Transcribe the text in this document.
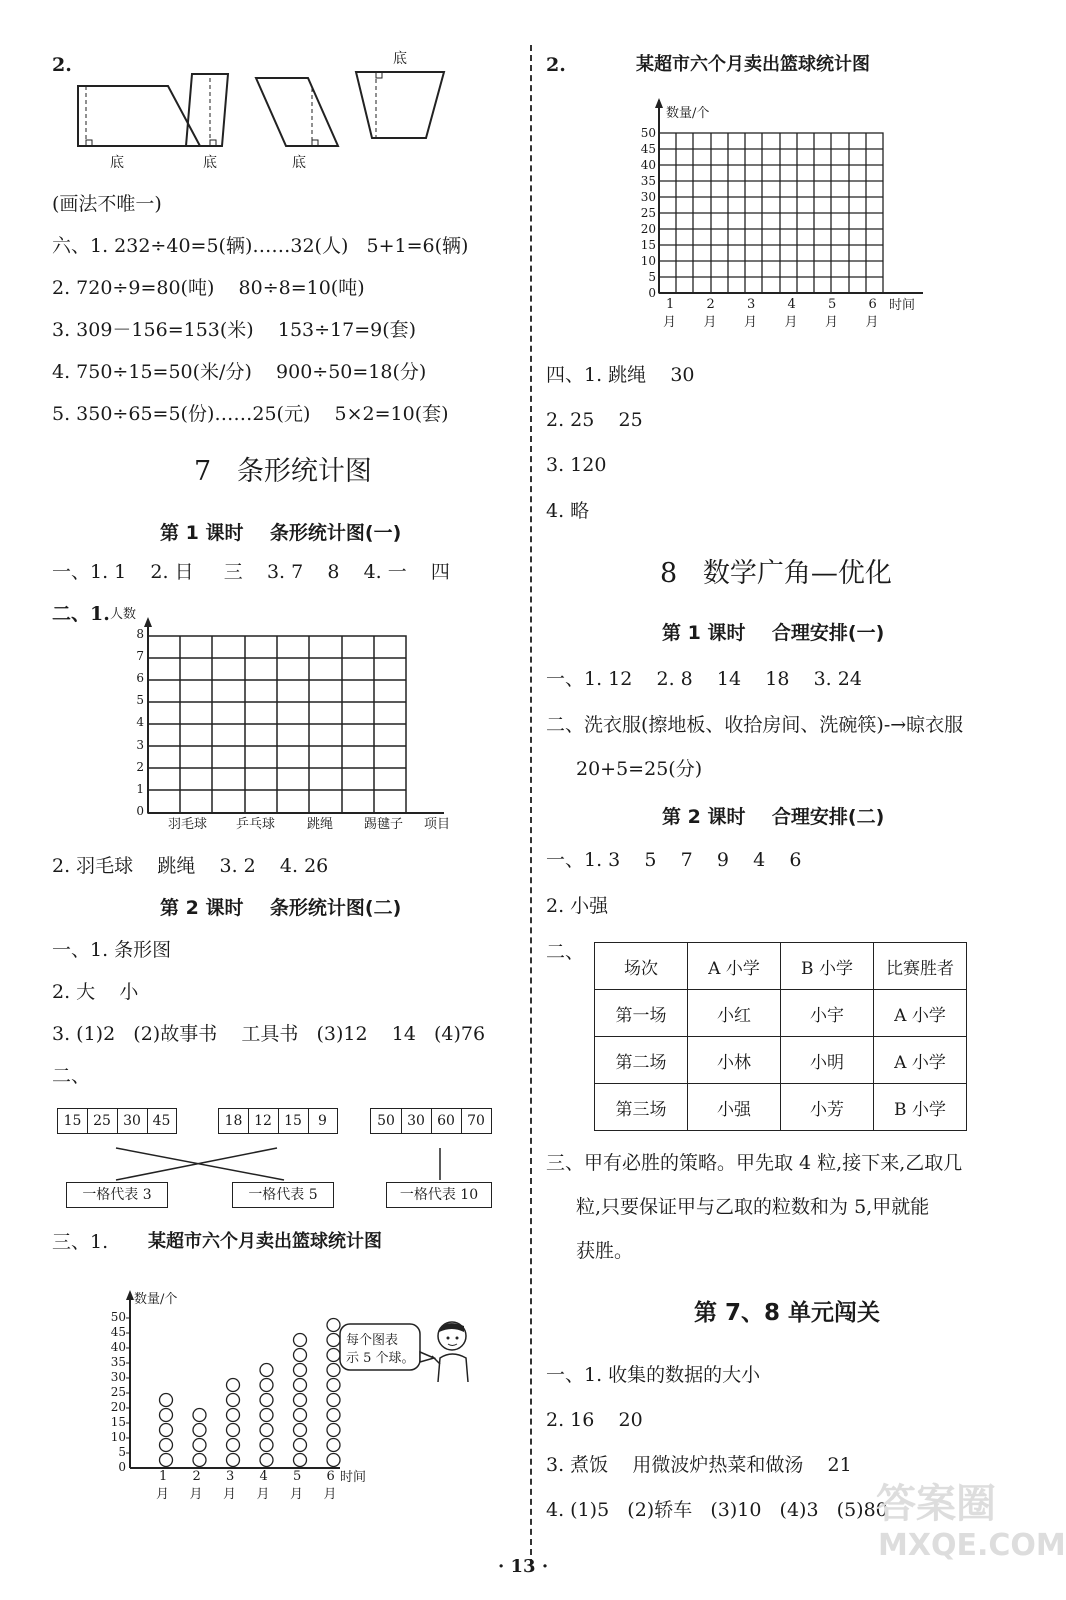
2.	底
底	底	底
(画法不唯一)
六、1. 232÷40=5(辆)……32(人)   5+1=6(辆)
2. 720÷9=80(吨)    80÷8=10(吨)
3. 309－156=153(米)    153÷17=9(套)
4. 750÷15=50(米/分)    900÷50=18(分)
5. 350÷65=5(份)……25(元)    5×2=10(套)
7   条形统计图
第 1 课时    条形统计图(一)
一、1. 1    2. 日     三    3. 7    8    4. 一    四
二、1. 人数
8
7
6
5
4
3
2
1
0
羽毛球 乒乓球 跳绳 踢毽子 项目
2. 羽毛球    跳绳    3. 2    4. 26
第 2 课时    条形统计图(二)
一、1. 条形图
2. 大    小
3. (1)2   (2)故事书    工具书   (3)12    14   (4)76
二、
15 25 30 45	18 12 15 9	50 30 60 70
一格代表 3	一格代表 5	一格代表 10
三、1. 某超市六个月卖出篮球统计图
数量/个
50
45
40
35
30
25
20
15
10
5
0
1
月
2
月
3
月
4
月
5
月
6
月
时间
每个图表
示 5 个球。
2.	某超市六个月卖出篮球统计图
数量/个
50
45
40
35
30
25
20
15
10
5
0
1
月
2
月
3
月
4
月
5
月
6
月
时间
四、1. 跳绳    30
2. 25    25
3. 120
4. 略
8   数学广角—优化
第 1 课时    合理安排(一)
一、1. 12    2. 8    14    18    3. 24
二、洗衣服(擦地板、收拾房间、洗碗筷)-→晾衣服
20+5=25(分)
第 2 课时    合理安排(二)
一、1. 3    5    7    9    4    6
2. 小强
二、
场次	A 小学	B 小学	比赛胜者
第一场	小红	小宇	A 小学
第二场	小林	小明	A 小学
第三场	小强	小芳	B 小学
三、甲有必胜的策略。甲先取 4 粒,接下来,乙取几
粒,只要保证甲与乙取的粒数和为 5,甲就能
获胜。
第 7、8 单元闯关
一、1. 收集的数据的大小
2. 16    20
3. 煮饭    用微波炉热菜和做汤    21
4. (1)5   (2)轿车   (3)10   (4)3   (5)80
· 13 ·
答案圈
MXQE.COM
